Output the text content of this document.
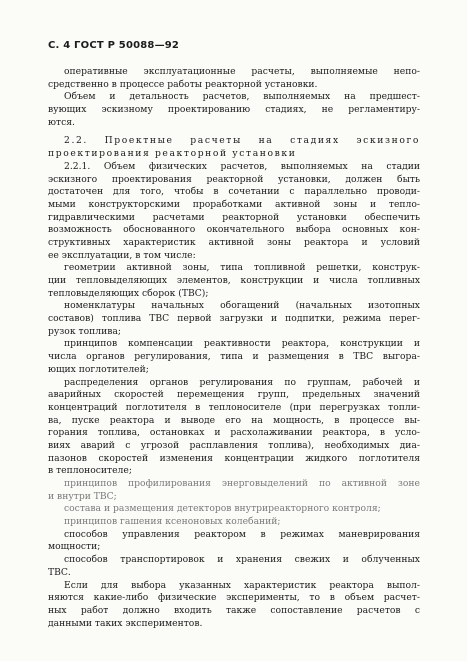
С. 4 ГОСТ Р 50088—92
оперативные эксплуатационные расчеты, выполняемые непо-
средственно в процессе работы реакторной установки.
Объем и детальность расчетов, выполняемых на предшест-
вующих эскизному проектированию стадиях, не регламентиру-
ются.
2.2. Проектные расчеты на стадиях эскизного
проектирования реакторной установки
2.2.1. Объем физических расчетов, выполняемых на стадии
эскизного проектирования реакторной установки, должен быть
достаточен для того, чтобы в сочетании с параллельно проводи-
мыми конструкторскими проработками активной зоны и тепло-
гидравлическими расчетами реакторной установки обеспечить
возможность обоснованного окончательного выбора основных кон-
структивных характеристик активной зоны реактора и условий
ее эксплуатации, в том числе:
геометрии активной зоны, типа топливной решетки, конструк-
ции тепловыделяющих элементов, конструкции и числа топливных
тепловыделяющих сборок (ТВС);
номенклатуры начальных обогащений (начальных изотопных
составов) топлива ТВС первой загрузки и подпитки, режима перег-
рузок топлива;
принципов компенсации реактивности реактора, конструкции и
числа органов регулирования, типа и размещения в ТВС выгора-
ющих поглотителей;
распределения органов регулирования по группам, рабочей и
аварийных скоростей перемещения групп, предельных значений
концентраций поглотителя в теплоносителе (при перегрузках топли-
ва, пуске реактора и выводе его на мощность, в процессе вы-
горания топлива, остановках и расхолаживании реактора, в усло-
виях аварий с угрозой расплавления топлива), необходимых диа-
пазонов скоростей изменения концентрации жидкого поглотителя
в теплоносителе;
принципов профилирования энерговыделений по активной зоне
и внутри ТВС;
состава и размещения детекторов внутриреакторного контроля;
принципов гашения ксеноновых колебаний;
способов управления реактором в режимах маневрирования
мощности;
способов транспортировок и хранения свежих и облученных
ТВС.
Если для выбора указанных характеристик реактора выпол-
няются какие-либо физические эксперименты, то в объем расчет-
ных работ должно входить также сопоставление расчетов с
данными таких экспериментов.
